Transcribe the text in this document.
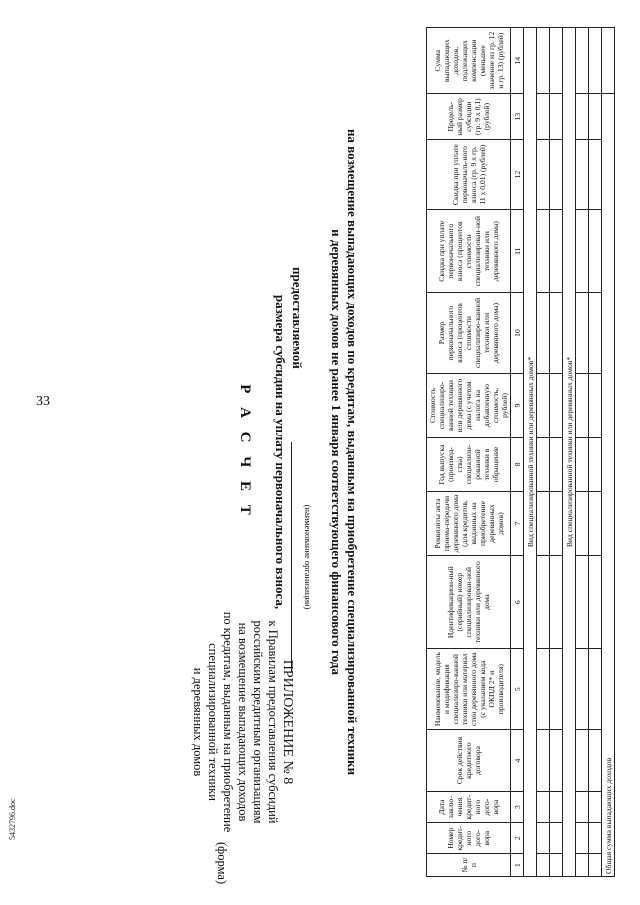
33
ПРИЛОЖЕНИЕ № 8
к Правилам предоставления субсидий
российским кредитным организациям
на возмещение выпадающих доходов
по кредитам, выданным на приобретение
специализированной техники
и деревянных домов
(форма)
Р А С Ч Е Т размера субсидии на уплату первоначального взноса, предоставляемой
(наименование организации) на возмещение выпадающих доходов по кредитам, выданным на приобретение специализированной техники
и деревянных домов не ранее 1 января соответствующего финансового года
№ п/п	Номер кредит-ного дого-вора	Дата заклю-чения кредит-ного дого-вора	Срок действия кредитного договора	Наименование, модель и модификация специализиро-ванной техники или материал стен деревянного дома (с указанием кода ОКПД 2* и производителя)	Идентификацион-ный (серийный) номер специализирован-ной техники или деревянного дома	Реквизиты акта приема-передачи деревянного дома (для кредитов, выданных на приобретение деревянных домов)	Год выпуска (производ-ства) специализи-рованной техники в обращение	Стоимость специализиро-ванной техники или деревянного дома (с учетом налога на добавленную стоимость, рублей)	Размер первоначального взноса (процентов стоимости специализиро-ванной техники или деревянного дома)	Скидка при уплате первоначального взноса (процентов стоимости специализирован-ной техники или деревянного дома)	Скидка при уплате первоначаль-ного взноса (гр. 9 х гр. 11 х 0,01) (рублей)	Предель-ный размер субсидии (гр. 9 х 0,1) (рублей)	Сумма выпадающих доходов, подлежащих компенсации (меньшее значение из гр. 12 и гр. 13) (рублей)
1	2	3	4	5	6	7	8	9	10	11	12	13	14
Вид специализированной техники или деревянных домов*													

Вид специализированной техники или деревянных домов*													

Общая сумма выпадающих доходов													
5432796.doc
